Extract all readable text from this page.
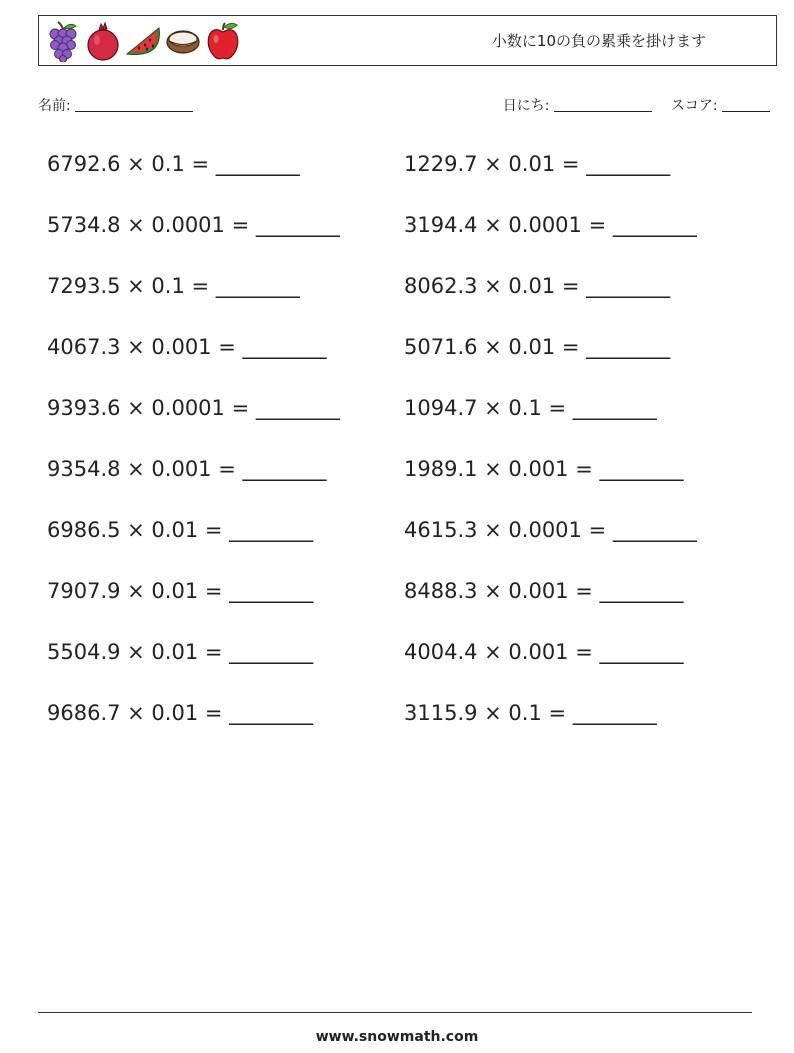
小数に10の負の累乗を掛けます
名前:	日にち:	スコア:
6792.6 × 0.1 = ________	1229.7 × 0.01 = ________
5734.8 × 0.0001 = ________	3194.4 × 0.0001 = ________
7293.5 × 0.1 = ________	8062.3 × 0.01 = ________
4067.3 × 0.001 = ________	5071.6 × 0.01 = ________
9393.6 × 0.0001 = ________	1094.7 × 0.1 = ________
9354.8 × 0.001 = ________	1989.1 × 0.001 = ________
6986.5 × 0.01 = ________	4615.3 × 0.0001 = ________
7907.9 × 0.01 = ________	8488.3 × 0.001 = ________
5504.9 × 0.01 = ________	4004.4 × 0.001 = ________
9686.7 × 0.01 = ________	3115.9 × 0.1 = ________
www.snowmath.com
